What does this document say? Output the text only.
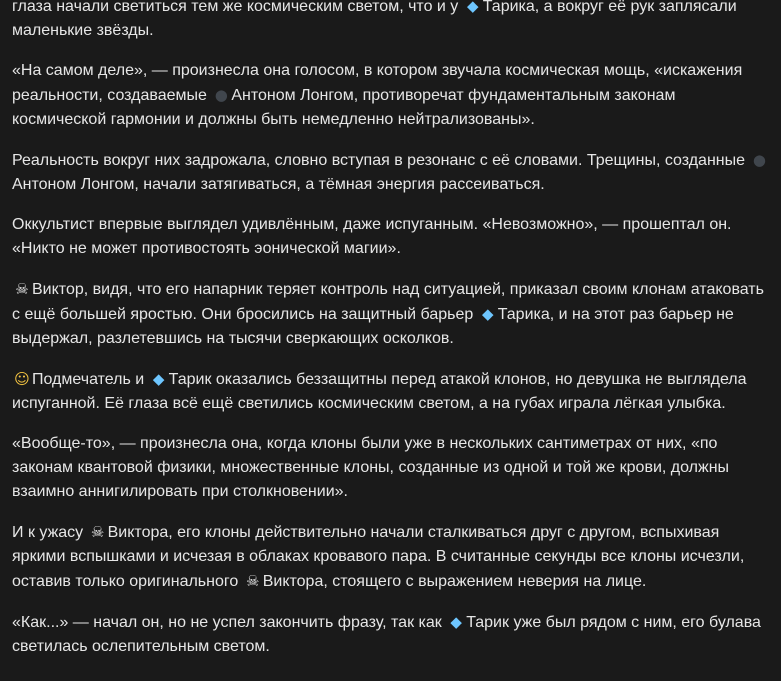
глаза начали светиться тем же космическим светом, что и у ◆ Тарика, а вокруг её рук заплясали маленькие звёзды.

«На самом деле», — произнесла она голосом, в котором звучала космическая мощь, «искажения реальности, создаваемые ● Антоном Лонгом, противоречат фундаментальным законам космической гармонии и должны быть немедленно нейтрализованы».

Реальность вокруг них задрожала, словно вступая в резонанс с её словами. Трещины, созданные ●Антоном Лонгом, начали затягиваться, а тёмная энергия рассеиваться.

Оккультист впервые выглядел удивлённым, даже испуганным. «Невозможно», — прошептал он. «Никто не может противостоять эонической магии».

☠ Виктор, видя, что его напарник теряет контроль над ситуацией, приказал своим клонам атаковать с ещё большей яростью. Они бросились на защитный барьер ◆ Тарика, и на этот раз барьер не выдержал, разлетевшись на тысячи сверкающих осколков.

☺ Подмечатель и ◆ Тарик оказались беззащитны перед атакой клонов, но девушка не выглядела испуганной. Её глаза всё ещё светились космическим светом, а на губах играла лёгкая улыбка.

«Вообще-то», — произнесла она, когда клоны были уже в нескольких сантиметрах от них, «по законам квантовой физики, множественные клоны, созданные из одной и той же крови, должны взаимно аннигилировать при столкновении».

И к ужасу ☠ Виктора, его клоны действительно начали сталкиваться друг с другом, вспыхивая яркими вспышками и исчезая в облаках кровавого пара. В считанные секунды все клоны исчезли, оставив только оригинального ☠ Виктора, стоящего с выражением неверия на лице.

«Как...» — начал он, но не успел закончить фразу, так как ◆ Тарик уже был рядом с ним, его булава светилась ослепительным светом.
